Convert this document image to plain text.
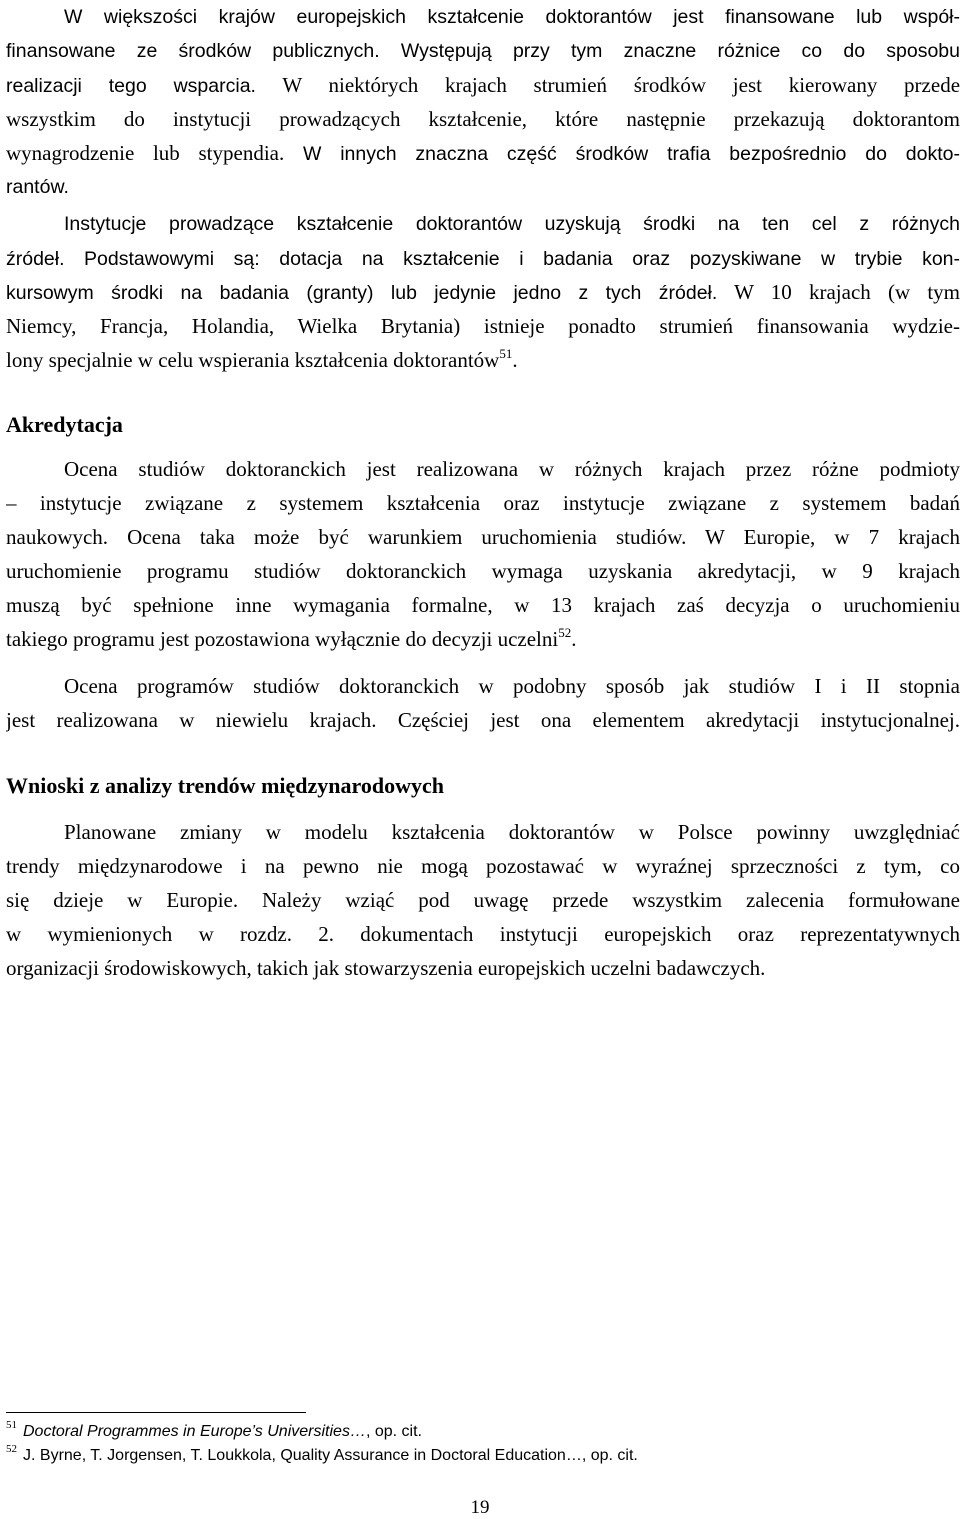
W większości krajów europejskich kształcenie doktorantów jest finansowane lub współ-
finansowane ze środków publicznych. Występują przy tym znaczne różnice co do sposobu
realizacji tego wsparcia. W niektórych krajach strumień środków jest kierowany przede
wszystkim do instytucji prowadzących kształcenie, które następnie przekazują doktorantom
wynagrodzenie lub stypendia. W innych znaczna część środków trafia bezpośrednio do dokto-
rantów.
Instytucje prowadzące kształcenie doktorantów uzyskują środki na ten cel z różnych
źródeł. Podstawowymi są: dotacja na kształcenie i badania oraz pozyskiwane w trybie kon-
kursowym środki na badania (granty) lub jedynie jedno z tych źródeł. W 10 krajach (w tym
Niemcy, Francja, Holandia, Wielka Brytania) istnieje ponadto strumień finansowania wydzie-
lony specjalnie w celu wspierania kształcenia doktorantów$^{51}$.
Akredytacja
Ocena studiów doktoranckich jest realizowana w różnych krajach przez różne podmioty
– instytucje związane z systemem kształcenia oraz instytucje związane z systemem badań
naukowych. Ocena taka może być warunkiem uruchomienia studiów. W Europie, w 7 krajach
uruchomienie programu studiów doktoranckich wymaga uzyskania akredytacji, w 9 krajach
muszą być spełnione inne wymagania formalne, w 13 krajach zaś decyzja o uruchomieniu
takiego programu jest pozostawiona wyłącznie do decyzji uczelni$^{52}$.
Ocena programów studiów doktoranckich w podobny sposób jak studiów I i II stopnia
jest realizowana w niewielu krajach. Częściej jest ona elementem akredytacji instytucjonalnej.
Wnioski z analizy trendów międzynarodowych
Planowane zmiany w modelu kształcenia doktorantów w Polsce powinny uwzględniać
trendy międzynarodowe i na pewno nie mogą pozostawać w wyraźnej sprzeczności z tym, co
się dzieje w Europie. Należy wziąć pod uwagę przede wszystkim zalecenia formułowane
w wymienionych w rozdz. 2. dokumentach instytucji europejskich oraz reprezentatywnych
organizacji środowiskowych, takich jak stowarzyszenia europejskich uczelni badawczych.
$^{51}$ Doctoral Programmes in Europe’s Universities…, op. cit.
$^{52}$ J. Byrne, T. Jorgensen, T. Loukkola, Quality Assurance in Doctoral Education…, op. cit.
19
